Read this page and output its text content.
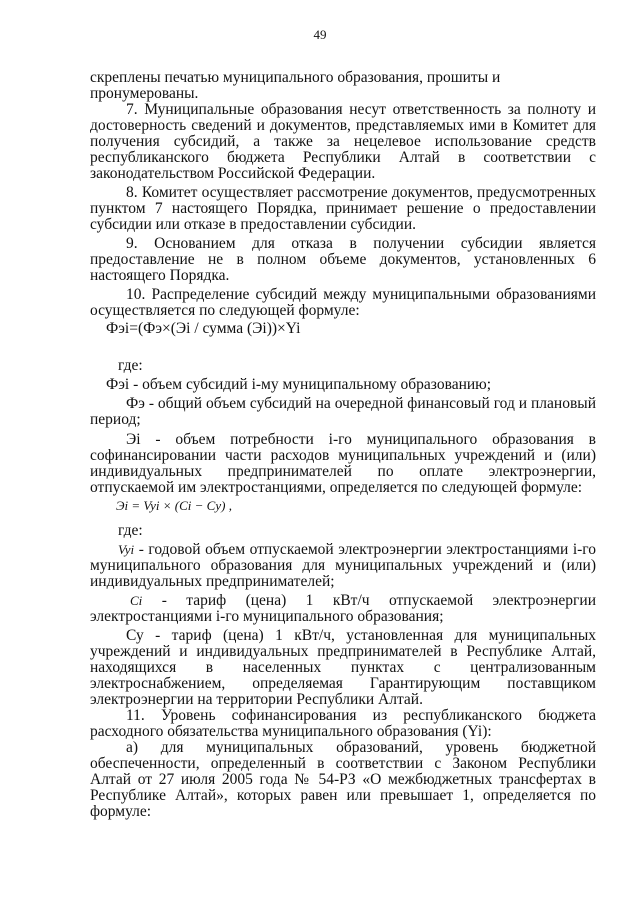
49

скреплены печатью муниципального образования, прошиты и
пронумерованы.

7. Муниципальные образования несут ответственность за полноту и достоверность сведений и документов, представляемых ими в Комитет для получения субсидий, а также за нецелевое использование средств республиканского бюджета Республики Алтай в соответствии с законодательством Российской Федерации.

8. Комитет осуществляет рассмотрение документов, предусмотренных пунктом 7 настоящего Порядка, принимает решение о предоставлении субсидии или отказе в предоставлении субсидии.

9. Основанием для отказа в получении субсидии является предоставление не в полном объеме документов, установленных 6 настоящего Порядка.

10. Распределение субсидий между муниципальными образованиями осуществляется по следующей формуле:

Фэi=(Фэ×(Эi / сумма (Эi))×Yi

где:

Фэi - объем субсидий i-му муниципальному образованию;

Фэ - общий объем субсидий на очередной финансовый год и плановый период;

Эi - объем потребности i-го муниципального образования в софинансировании части расходов муниципальных учреждений и (или) индивидуальных предпринимателей по оплате электроэнергии, отпускаемой им электростанциями, определяется по следующей формуле:

Эi = Vyi × (Ci − Cy) ,

где:

Vyi - годовой объем отпускаемой электроэнергии электростанциями i-го муниципального образования для муниципальных учреждений и (или) индивидуальных предпринимателей;

Ci - тариф (цена) 1 кВт/ч отпускаемой электроэнергии электростанциями i-го муниципального образования;

Су - тариф (цена) 1 кВт/ч, установленная для муниципальных учреждений и индивидуальных предпринимателей в Республике Алтай, находящихся в населенных пунктах с централизованным электроснабжением, определяемая Гарантирующим поставщиком электроэнергии на территории Республики Алтай.

11. Уровень софинансирования из республиканского бюджета расходного обязательства муниципального образования (Yi):

а) для муниципальных образований, уровень бюджетной обеспеченности, определенный в соответствии с Законом Республики Алтай от 27 июля 2005 года № 54-РЗ «О межбюджетных трансфертах в Республике Алтай», которых равен или превышает 1, определяется по формуле:
